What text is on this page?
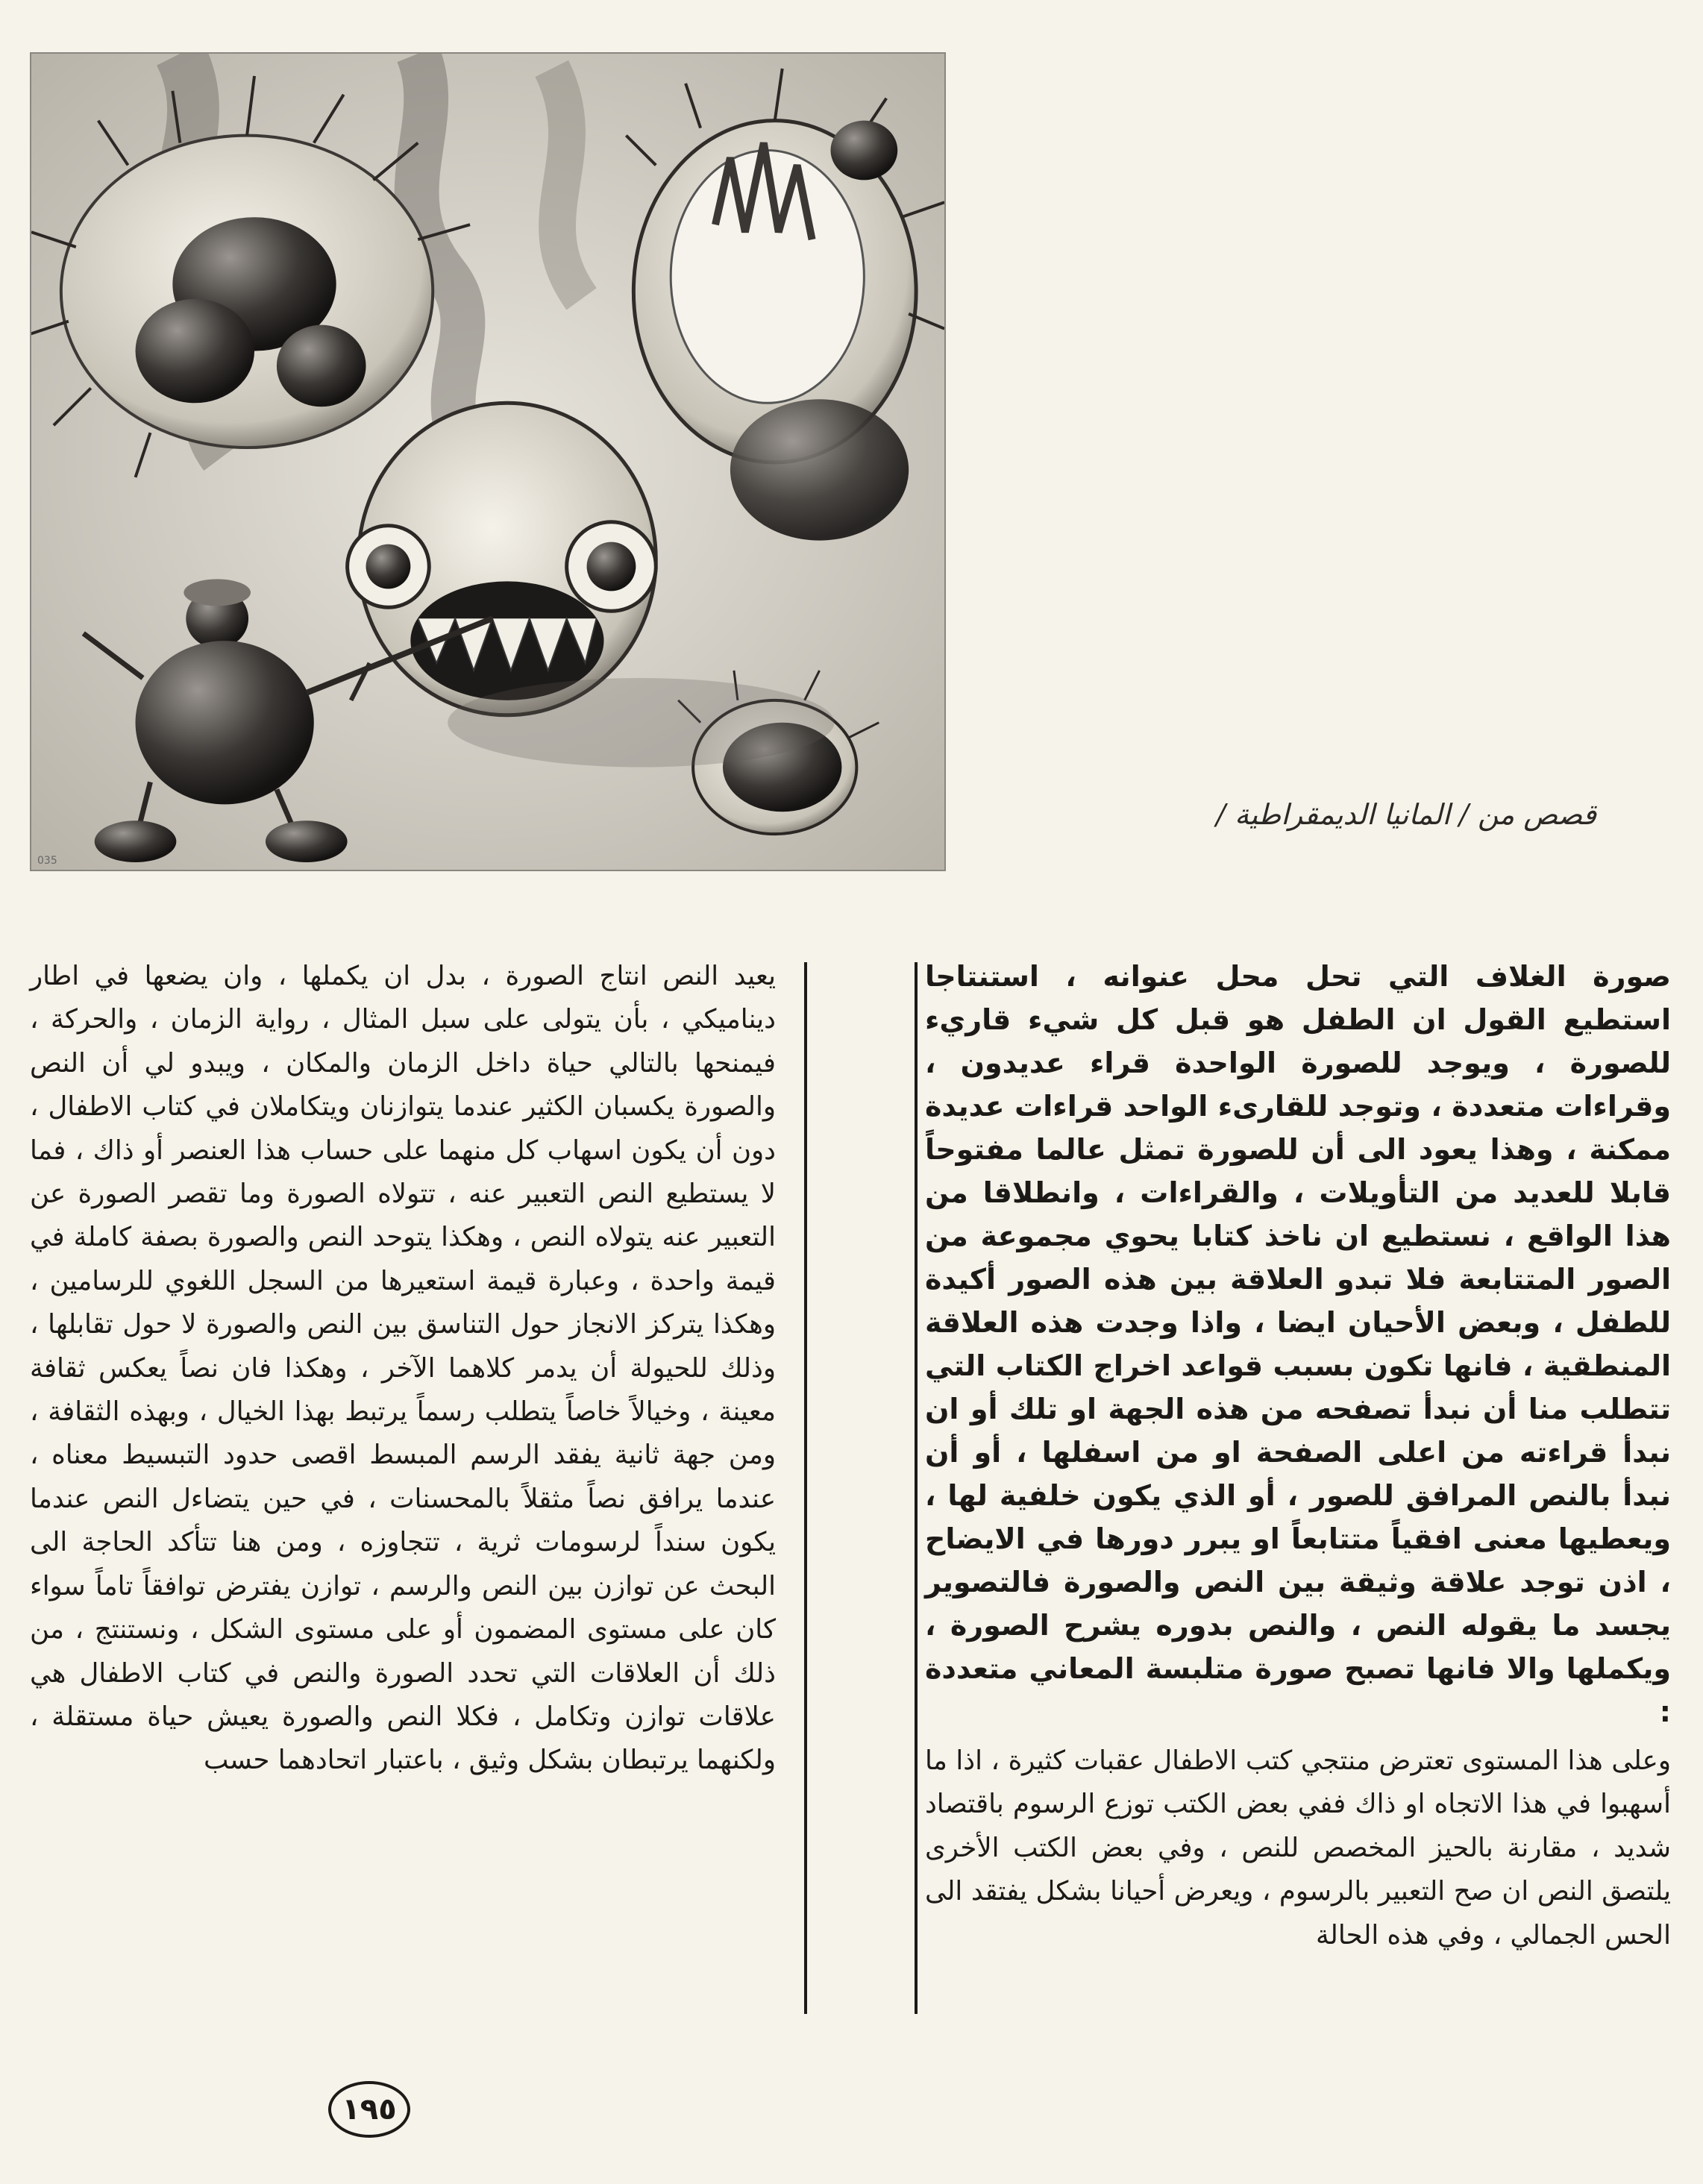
035
قصص من / المانيا الديمقراطية /

يعيد النص انتاج الصورة ، بدل ان يكملها ، وان يضعها في اطار ديناميكي ، بأن يتولى على سبل المثال ، رواية الزمان ، والحركة ، فيمنحها بالتالي حياة داخل الزمان والمكان ، ويبدو لي أن النص والصورة يكسبان الكثير عندما يتوازنان ويتكاملان في كتاب الاطفال ، دون أن يكون اسهاب كل منهما على حساب هذا العنصر أو ذاك ، فما لا يستطيع النص التعبير عنه ، تتولاه الصورة وما تقصر الصورة عن التعبير عنه يتولاه النص ، وهكذا يتوحد النص والصورة بصفة كاملة في قيمة واحدة ، وعبارة قيمة استعيرها من السجل اللغوي للرسامين ، وهكذا يتركز الانجاز حول التناسق بين النص والصورة لا حول تقابلها ، وذلك للحيولة أن يدمر كلاهما الآخر ، وهكذا فان نصاً يعكس ثقافة معينة ، وخيالاً خاصاً يتطلب رسماً يرتبط بهذا الخيال ، وبهذه الثقافة ، ومن جهة ثانية يفقد الرسم المبسط اقصى حدود التبسيط معناه ، عندما يرافق نصاً مثقلاً بالمحسنات ، في حين يتضاءل النص عندما يكون سنداً لرسومات ثرية ، تتجاوزه ، ومن هنا تتأكد الحاجة الى البحث عن توازن بين النص والرسم ، توازن يفترض توافقاً تاماً سواء كان على مستوى المضمون أو على مستوى الشكل ، ونستنتج ، من ذلك أن العلاقات التي تحدد الصورة والنص في كتاب الاطفال هي علاقات توازن وتكامل ، فكلا النص والصورة يعيش حياة مستقلة ، ولكنهما يرتبطان بشكل وثيق ، باعتبار اتحادهما حسب

صورة الغلاف التي تحل محل عنوانه ، استنتاجا استطيع القول ان الطفل هو قبل كل شيء قاريء للصورة ، ويوجد للصورة الواحدة قراء عديدون ، وقراءات متعددة ، وتوجد للقارىء الواحد قراءات عديدة ممكنة ، وهذا يعود الى أن للصورة تمثل عالما مفتوحاً قابلا للعديد من التأويلات ، والقراءات ، وانطلاقا من هذا الواقع ، نستطيع ان ناخذ كتابا يحوي مجموعة من الصور المتتابعة فلا تبدو العلاقة بين هذه الصور أكيدة للطفل ، وبعض الأحيان ايضا ، واذا وجدت هذه العلاقة المنطقية ، فانها تكون بسبب قواعد اخراج الكتاب التي تتطلب منا أن نبدأ تصفحه من هذه الجهة او تلك أو ان نبدأ قراءته من اعلى الصفحة او من اسفلها ، أو أن نبدأ بالنص المرافق للصور ، أو الذي يكون خلفية لها ، ويعطيها معنى افقياً متتابعاً او يبرر دورها في الايضاح ، اذن توجد علاقة وثيقة بين النص والصورة فالتصوير يجسد ما يقوله النص ، والنص بدوره يشرح الصورة ، ويكملها والا فانها تصبح صورة متلبسة المعاني متعددة :

وعلى هذا المستوى تعترض منتجي كتب الاطفال عقبات كثيرة ، اذا ما أسهبوا في هذا الاتجاه او ذاك ففي بعض الكتب توزع الرسوم باقتصاد شديد ، مقارنة بالحيز المخصص للنص ، وفي بعض الكتب الأخرى يلتصق النص ان صح التعبير بالرسوم ، ويعرض أحيانا بشكل يفتقد الى الحس الجمالي ، وفي هذه الحالة

١٩٥
